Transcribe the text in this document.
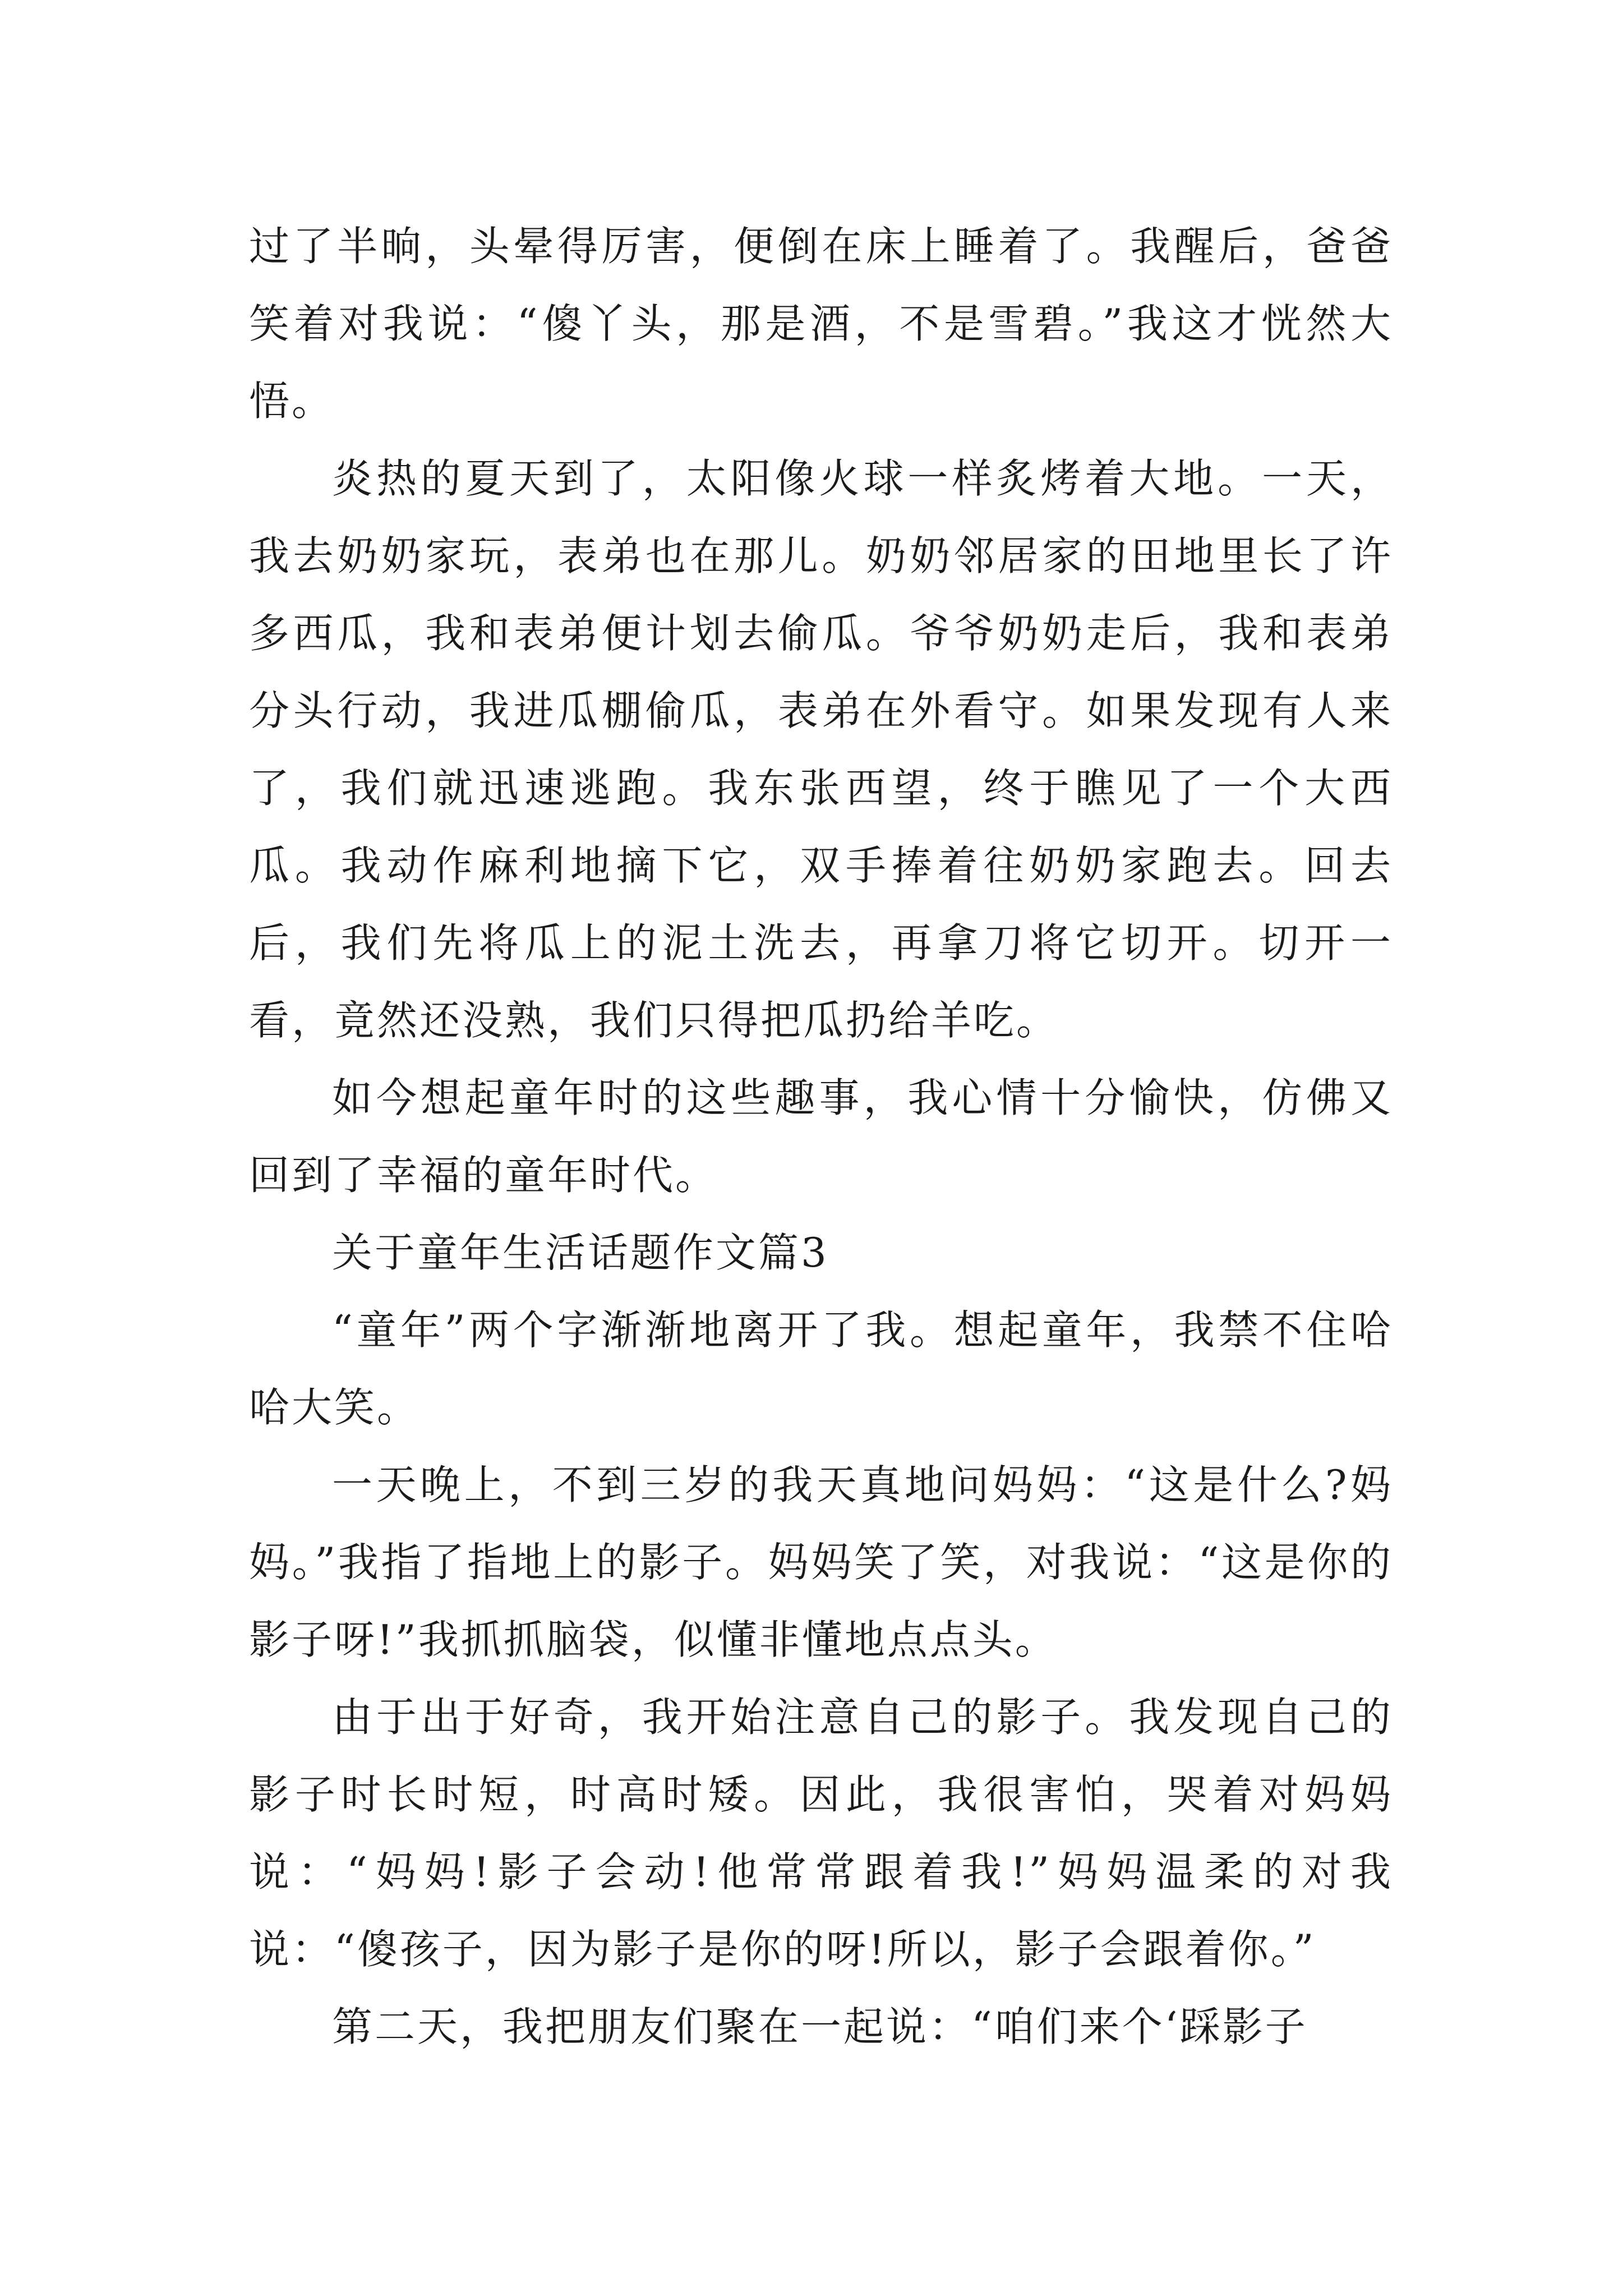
过了半晌，头晕得厉害，便倒在床上睡着了。我醒后，爸爸笑着对我说：“傻丫头，那是酒，不是雪碧。”我这才恍然大悟。

炎热的夏天到了，太阳像火球一样炙烤着大地。一天，我去奶奶家玩，表弟也在那儿。奶奶邻居家的田地里长了许多西瓜，我和表弟便计划去偷瓜。爷爷奶奶走后，我和表弟分头行动，我进瓜棚偷瓜，表弟在外看守。如果发现有人来了，我们就迅速逃跑。我东张西望，终于瞧见了一个大西瓜。我动作麻利地摘下它，双手捧着往奶奶家跑去。回去后，我们先将瓜上的泥土洗去，再拿刀将它切开。切开一看，竟然还没熟，我们只得把瓜扔给羊吃。

如今想起童年时的这些趣事，我心情十分愉快，仿佛又回到了幸福的童年时代。

关于童年生活话题作文篇3

“童年”两个字渐渐地离开了我。想起童年，我禁不住哈哈大笑。

一天晚上，不到三岁的我天真地问妈妈：“这是什么?妈妈。”我指了指地上的影子。妈妈笑了笑，对我说：“这是你的影子呀!”我抓抓脑袋，似懂非懂地点点头。

由于出于好奇，我开始注意自己的影子。我发现自己的影子时长时短，时高时矮。因此，我很害怕，哭着对妈妈说：“妈妈!影子会动!他常常跟着我!”妈妈温柔的对我说：“傻孩子，因为影子是你的呀!所以，影子会跟着你。”

第二天，我把朋友们聚在一起说：“咱们来个‘踩影子
